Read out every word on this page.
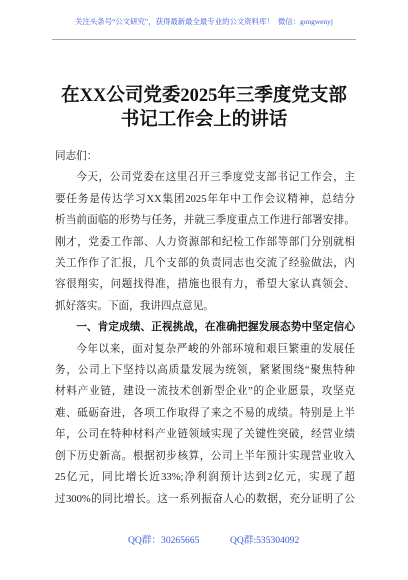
关注头条号“公文研究”，获得最新最全最专业的公文资料库！ 微信：gongwenyj
在XX公司党委2025年三季度党支部
书记工作会上的讲话
同志们：
今天，公司党委在这里召开三季度党支部书记工作会，主
要任务是传达学习XX集团2025年年中工作会议精神，总结分
析当前面临的形势与任务，并就三季度重点工作进行部署安排。
刚才，党委工作部、人力资源部和纪检工作部等部门分别就相
关工作作了汇报，几个支部的负责同志也交流了经验做法，内
容很翔实，问题找得准，措施也很有力，希望大家认真领会、
抓好落实。下面，我讲四点意见。
一、肯定成绩、正视挑战，在准确把握发展态势中坚定信心
今年以来，面对复杂严峻的外部环境和艰巨繁重的发展任
务，公司上下坚持以高质量发展为统领，紧紧围绕“聚焦特种
材料产业链，建设一流技术创新型企业”的企业愿景，攻坚克
难、砥砺奋进，各项工作取得了来之不易的成绩。特别是上半
年，公司在特种材料产业链领域实现了关键性突破，经营业绩
创下历史新高。根据初步核算，公司上半年预计实现营业收入
25亿元，同比增长近33%;净利润预计达到2亿元，实现了超
过300%的同比增长。这一系列振奋人心的数据，充分证明了公
QQ群：30265665	QQ群:535304092
